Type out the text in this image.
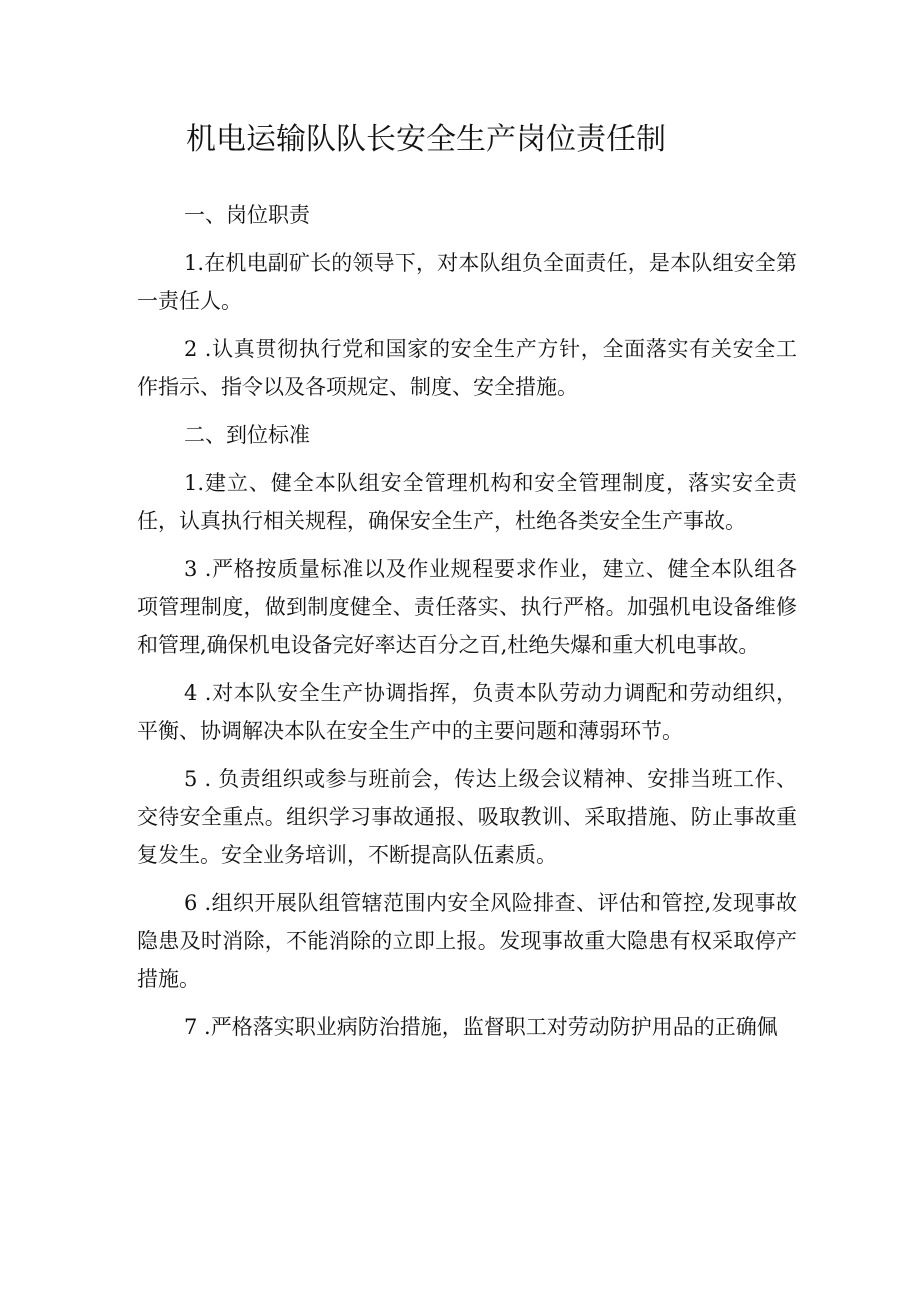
机电运输队队长安全生产岗位责任制

一、岗位职责

1.在机电副矿长的领导下，对本队组负全面责任，是本队组安全第一责任人。

2 .认真贯彻执行党和国家的安全生产方针，全面落实有关安全工作指示、指令以及各项规定、制度、安全措施。

二、到位标准

1.建立、健全本队组安全管理机构和安全管理制度，落实安全责任，认真执行相关规程，确保安全生产，杜绝各类安全生产事故。

3 .严格按质量标准以及作业规程要求作业，建立、健全本队组各项管理制度，做到制度健全、责任落实、执行严格。加强机电设备维修和管理,确保机电设备完好率达百分之百,杜绝失爆和重大机电事故。

4 .对本队安全生产协调指挥，负责本队劳动力调配和劳动组织，平衡、协调解决本队在安全生产中的主要问题和薄弱环节。

5 . 负责组织或参与班前会，传达上级会议精神、安排当班工作、交待安全重点。组织学习事故通报、吸取教训、采取措施、防止事故重复发生。安全业务培训，不断提高队伍素质。

6 .组织开展队组管辖范围内安全风险排查、评估和管控,发现事故隐患及时消除，不能消除的立即上报。发现事故重大隐患有权采取停产措施。

7 .严格落实职业病防治措施，监督职工对劳动防护用品的正确佩
